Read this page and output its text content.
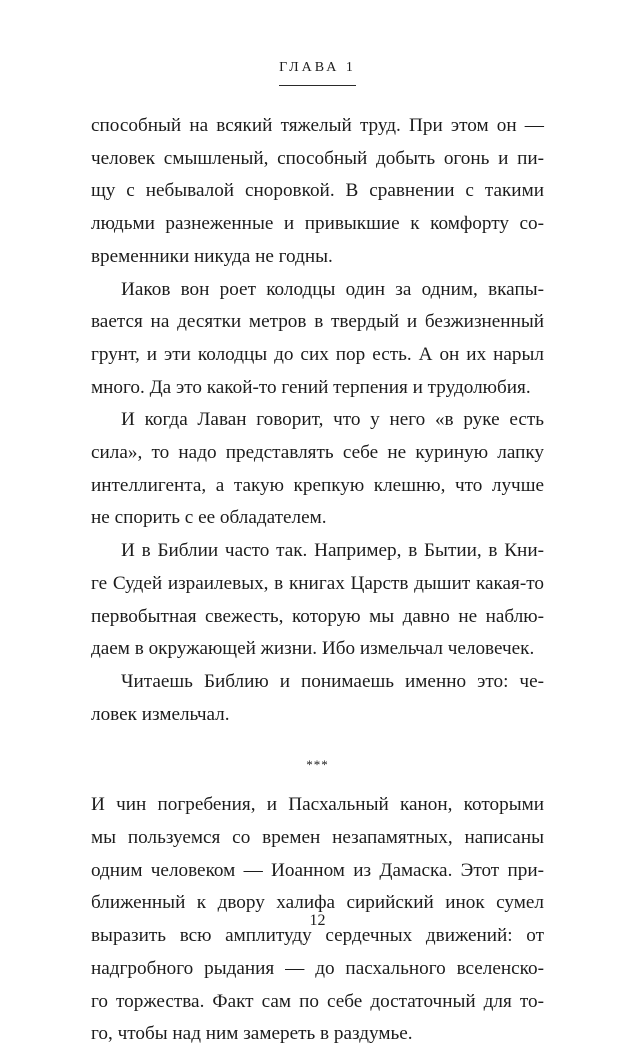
ГЛАВА 1

способный на всякий тяжелый труд. При этом он —

человек смышленый, способный добыть огонь и пи-

щу с небывалой сноровкой. В сравнении с такими

людьми разнеженные и привыкшие к комфорту со-

временники никуда не годны.

Иаков вон роет колодцы один за одним, вкапы-

вается на десятки метров в твердый и безжизненный

грунт, и эти колодцы до сих пор есть. А он их нарыл

много. Да это какой-то гений терпения и трудолюбия.

И когда Лаван говорит, что у него «в руке есть

сила», то надо представлять себе не куриную лапку

интеллигента, а такую крепкую клешню, что лучше

не спорить с ее обладателем.

И в Библии часто так. Например, в Бытии, в Кни-

ге Судей израилевых, в книгах Царств дышит какая-то

первобытная свежесть, которую мы давно не наблю-

даем в окружающей жизни. Ибо измельчал человечек.

Читаешь Библию и понимаешь именно это: че-

ловек измельчал.

***

И чин погребения, и Пасхальный канон, которыми

мы пользуемся со времен незапамятных, написаны

одним человеком — Иоанном из Дамаска. Этот при-

ближенный к двору халифа сирийский инок сумел

выразить всю амплитуду сердечных движений: от

надгробного рыдания — до пасхального вселенско-

го торжества. Факт сам по себе достаточный для то-

го, чтобы над ним замереть в раздумье.

12
